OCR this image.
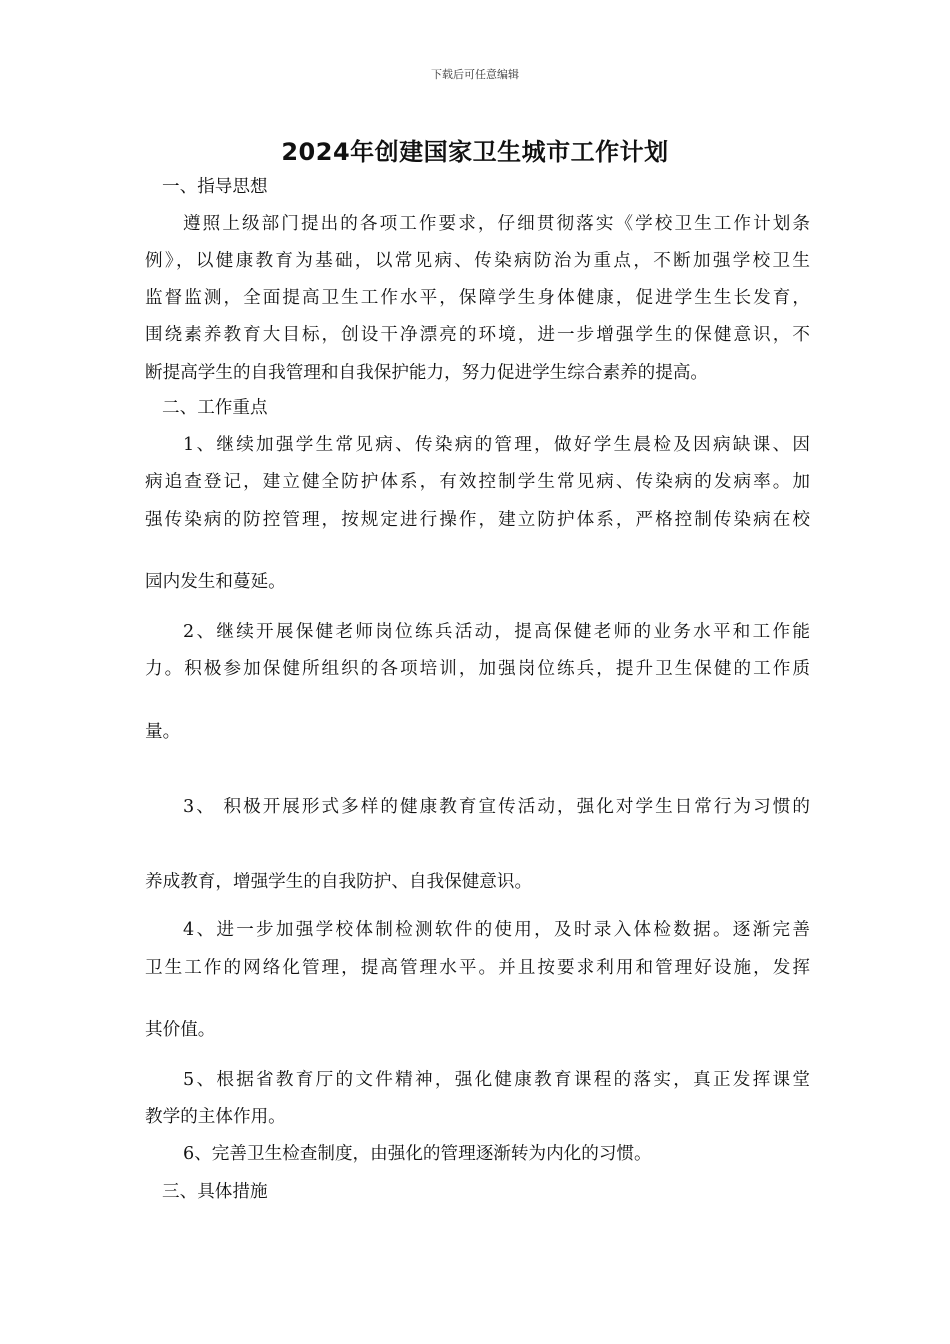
下载后可任意编辑
2024年创建国家卫生城市工作计划
一、指导思想
遵照上级部门提出的各项工作要求，仔细贯彻落实《学校卫生工作计划条
例》，以健康教育为基础，以常见病、传染病防治为重点，不断加强学校卫生
监督监测，全面提高卫生工作水平，保障学生身体健康，促进学生生长发育，
围绕素养教育大目标，创设干净漂亮的环境，进一步增强学生的保健意识，不
断提高学生的自我管理和自我保护能力，努力促进学生综合素养的提高。
二、工作重点
1、继续加强学生常见病、传染病的管理，做好学生晨检及因病缺课、因
病追查登记，建立健全防护体系，有效控制学生常见病、传染病的发病率。加
强传染病的防控管理，按规定进行操作，建立防护体系，严格控制传染病在校
园内发生和蔓延。
2、继续开展保健老师岗位练兵活动，提高保健老师的业务水平和工作能
力。积极参加保健所组织的各项培训，加强岗位练兵，提升卫生保健的工作质
量。
3、 积极开展形式多样的健康教育宣传活动，强化对学生日常行为习惯的
养成教育，增强学生的自我防护、自我保健意识。
4、进一步加强学校体制检测软件的使用，及时录入体检数据。逐渐完善
卫生工作的网络化管理，提高管理水平。并且按要求利用和管理好设施，发挥
其价值。
5、根据省教育厅的文件精神，强化健康教育课程的落实，真正发挥课堂
教学的主体作用。
6、完善卫生检查制度，由强化的管理逐渐转为内化的习惯。
三、具体措施
